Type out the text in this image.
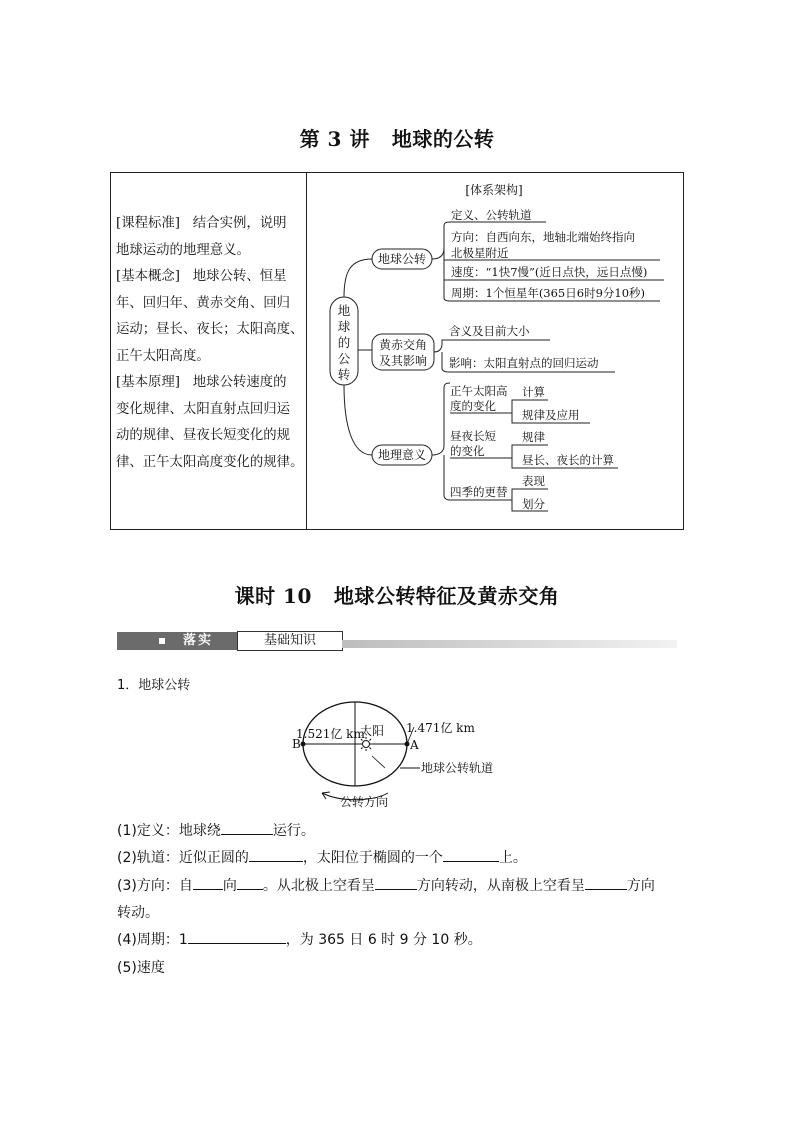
第 3 讲 地球的公转
[课程标准] 结合实例，说明
地球运动的地理意义。
[基本概念] 地球公转、恒星
年、回归年、黄赤交角、回归
运动；昼长、夜长；太阳高度、
正午太阳高度。
[基本原理] 地球公转速度的
变化规律、太阳直射点回归运
动的规律、昼夜长短变化的规
律、正午太阳高度变化的规律。
[体系架构]
地
球
的
公
转
地球公转
定义、公转轨道
方向：自西向东，地轴北端始终指向
北极星附近
速度：“1快7慢”(近日点快，远日点慢)
周期：1个恒星年(365日6时9分10秒)
黄赤交角
及其影响
含义及目前大小
影响：太阳直射点的回归运动
地理意义
正午太阳高
度的变化
计算
规律及应用
昼夜长短
的变化
规律
昼长、夜长的计算
四季的更替
表现
划分
课时 10 地球公转特征及黄赤交角
落实	基础知识
1．地球公转
1.521亿 km
太阳 1.471亿 km
B	A
地球公转轨道
公转方向
(1)定义：地球绕	运行。
(2)轨道：近似正圆的	，太阳位于椭圆的一个	上。
(3)方向：自 向 。从北极上空看呈	方向转动，从南极上空看呈	方向
转动。
(4)周期：1	，为 365 日 6 时 9 分 10 秒。
(5)速度
